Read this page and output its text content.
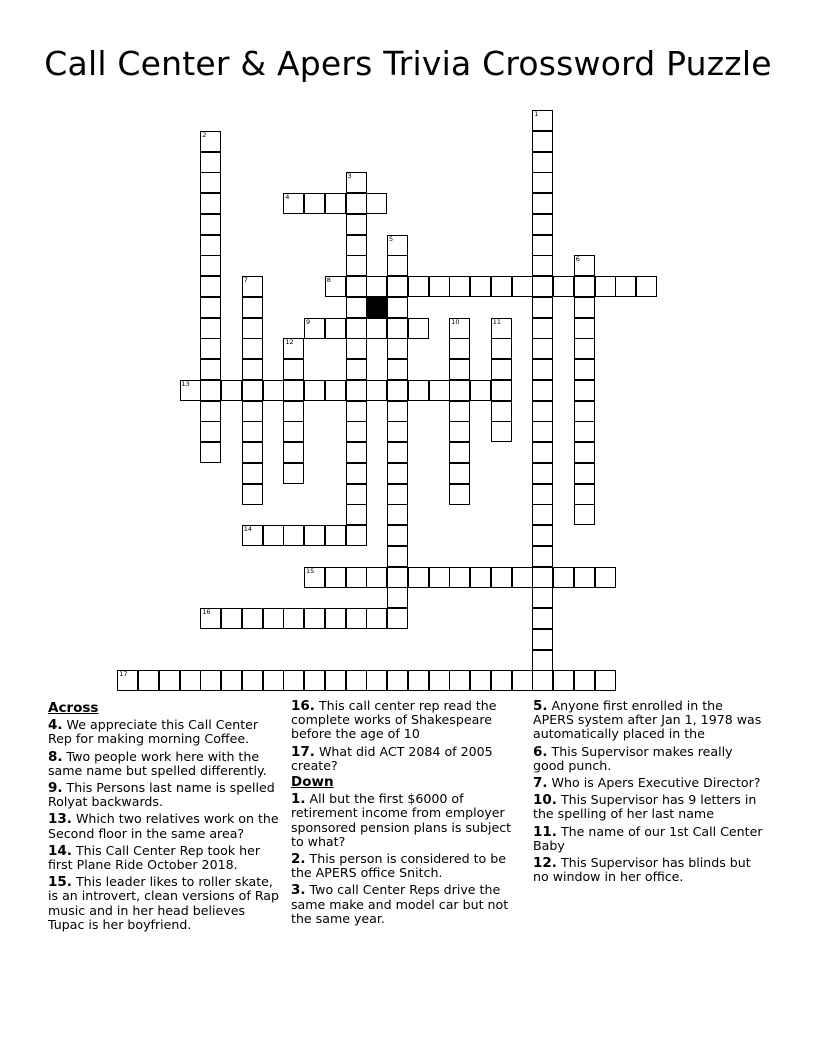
Call Center & Apers Trivia Crossword Puzzle
1
2
3
4
5
6
7	8
9	10	11
12
13
14
15
16
17
Across
4. We appreciate this Call Center Rep for making morning Coffee.
8. Two people work here with the same name but spelled differently.
9. This Persons last name is spelled Rolyat backwards.
13. Which two relatives work on the Second floor in the same area?
14. This Call Center Rep took her first Plane Ride October 2018.
15. This leader likes to roller skate, is an introvert, clean versions of Rap music and in her head believes Tupac is her boyfriend.
16. This call center rep read the complete works of Shakespeare before the age of 10
17. What did ACT 2084 of 2005 create?
Down
1. All but the first $6000 of retirement income from employer sponsored pension plans is subject to what?
2. This person is considered to be the APERS office Snitch.
3. Two call Center Reps drive the same make and model car but not the same year.
5. Anyone first enrolled in the APERS system after Jan 1, 1978 was automatically placed in the
6. This Supervisor makes really good punch.
7. Who is Apers Executive Director?
10. This Supervisor has 9 letters in the spelling of her last name
11. The name of our 1st Call Center Baby
12. This Supervisor has blinds but no window in her office.
